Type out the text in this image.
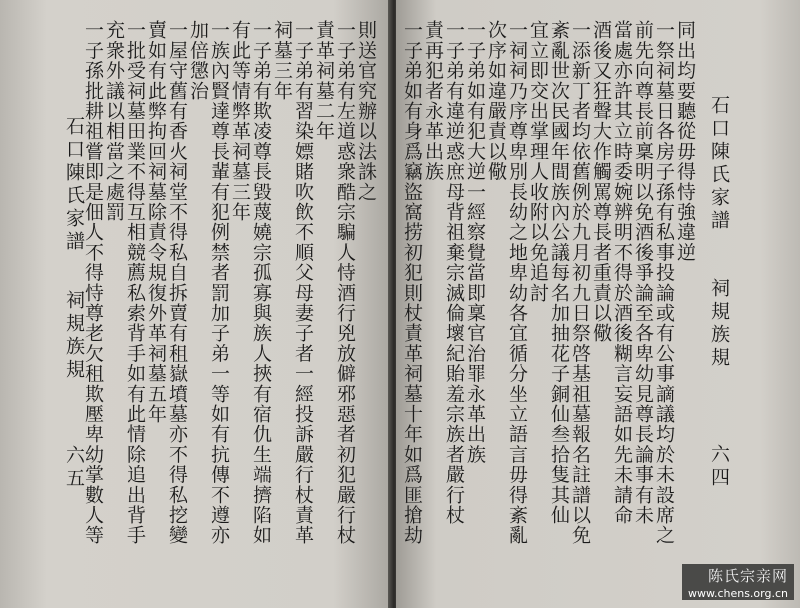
石口陳氏家譜
祠規族規
六五
則送官究辦以法誅之
一子弟有左道惑衆酷宗騙人恃酒行兇放僻邪惡者初犯嚴行杖
責革祠墓二年
一子弟有習染嫖賭吹飲不順父母妻子者一經投訴嚴行杖責革
祠墓三年
一子弟有欺凌尊長毀蔑嬈宗孤寡與族人挾有宿仇生端擠陷如
有此等情弊革祠墓三年
一族內賢達尊長輩有犯例禁者罰加子弟一等如有抗傳不遵亦
加倍懲治
一屋守舊有香火祠堂不得私自拆賣有租嶽墳墓亦不得私挖變
賣如有此弊拘回祠墓除責令規復外革祠墓五年
一批受祠墓田業不得互相競薦私索背手如有此情除追出背手
充衆外議以相當之處罰
一子孫批耕祖嘗即是佃人不得恃尊老欠租欺壓卑幼掌數人等	石口陳氏家譜
祠規族規
六四
同出均要聽從毋得恃強違逆
一祭祠墓日各房子孫有私事投論或有公事謫議均於未設席之
前先向尊長前稟明以免酒後爭論至各卑幼見尊長論事有未
當處亦許其立時委婉辨明不得於酒後糊言妄語如先未請命
酒後又狂聲大作觸罵尊長者重責以儆
一添新丁者均依舊例於九月初九日祭啓基祖墓報名註譜以免
紊亂世次民國年間族內公議每名加抽花子銅仙叁拾隻其仙
宜立即交出掌理人收附以免追討
一祠祠乃序尊卑別長幼之地卑幼各宜循分坐立語言毋得紊亂
次序如違嚴責以儆
一子弟如有犯大逆一經察覺當即稟官治罪永革出族
一子弟有違逆惑庶母背祖棄宗滅倫壞紀貽羞宗族者嚴行杖
責再犯者永革出族
一子弟如有身爲竊盜窩捞初犯則杖責革祠墓十年如爲匪搶劫
陈氏宗亲网
www.chens.org.cn
